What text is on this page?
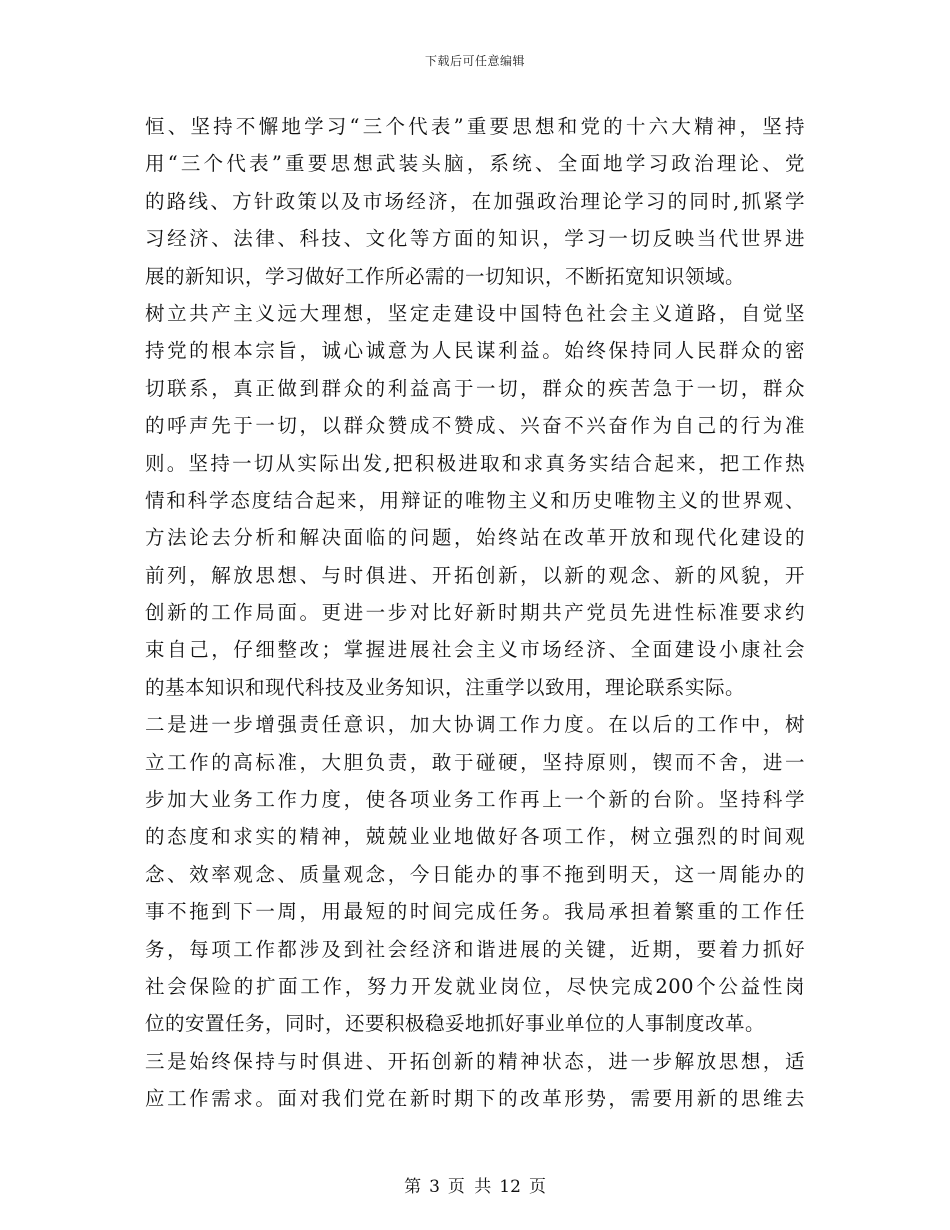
下载后可任意编辑
恒、坚持不懈地学习“三个代表”重要思想和党的十六大精神，坚持
用“三个代表”重要思想武装头脑，系统、全面地学习政治理论、党
的路线、方针政策以及市场经济，在加强政治理论学习的同时,抓紧学
习经济、法律、科技、文化等方面的知识，学习一切反映当代世界进
展的新知识，学习做好工作所必需的一切知识，不断拓宽知识领域。
树立共产主义远大理想，坚定走建设中国特色社会主义道路，自觉坚
持党的根本宗旨，诚心诚意为人民谋利益。始终保持同人民群众的密
切联系，真正做到群众的利益高于一切，群众的疾苦急于一切，群众
的呼声先于一切，以群众赞成不赞成、兴奋不兴奋作为自己的行为准
则。坚持一切从实际出发,把积极进取和求真务实结合起来，把工作热
情和科学态度结合起来，用辩证的唯物主义和历史唯物主义的世界观、
方法论去分析和解决面临的问题，始终站在改革开放和现代化建设的
前列，解放思想、与时俱进、开拓创新，以新的观念、新的风貌，开
创新的工作局面。更进一步对比好新时期共产党员先进性标准要求约
束自己，仔细整改；掌握进展社会主义市场经济、全面建设小康社会
的基本知识和现代科技及业务知识，注重学以致用，理论联系实际。
二是进一步增强责任意识，加大协调工作力度。在以后的工作中，树
立工作的高标准，大胆负责，敢于碰硬，坚持原则，锲而不舍，进一
步加大业务工作力度，使各项业务工作再上一个新的台阶。坚持科学
的态度和求实的精神，兢兢业业地做好各项工作，树立强烈的时间观
念、效率观念、质量观念，今日能办的事不拖到明天，这一周能办的
事不拖到下一周，用最短的时间完成任务。我局承担着繁重的工作任
务，每项工作都涉及到社会经济和谐进展的关键，近期，要着力抓好
社会保险的扩面工作，努力开发就业岗位，尽快完成200个公益性岗
位的安置任务，同时，还要积极稳妥地抓好事业单位的人事制度改革。
三是始终保持与时俱进、开拓创新的精神状态，进一步解放思想，适
应工作需求。面对我们党在新时期下的改革形势，需要用新的思维去
第 3 页 共 12 页
